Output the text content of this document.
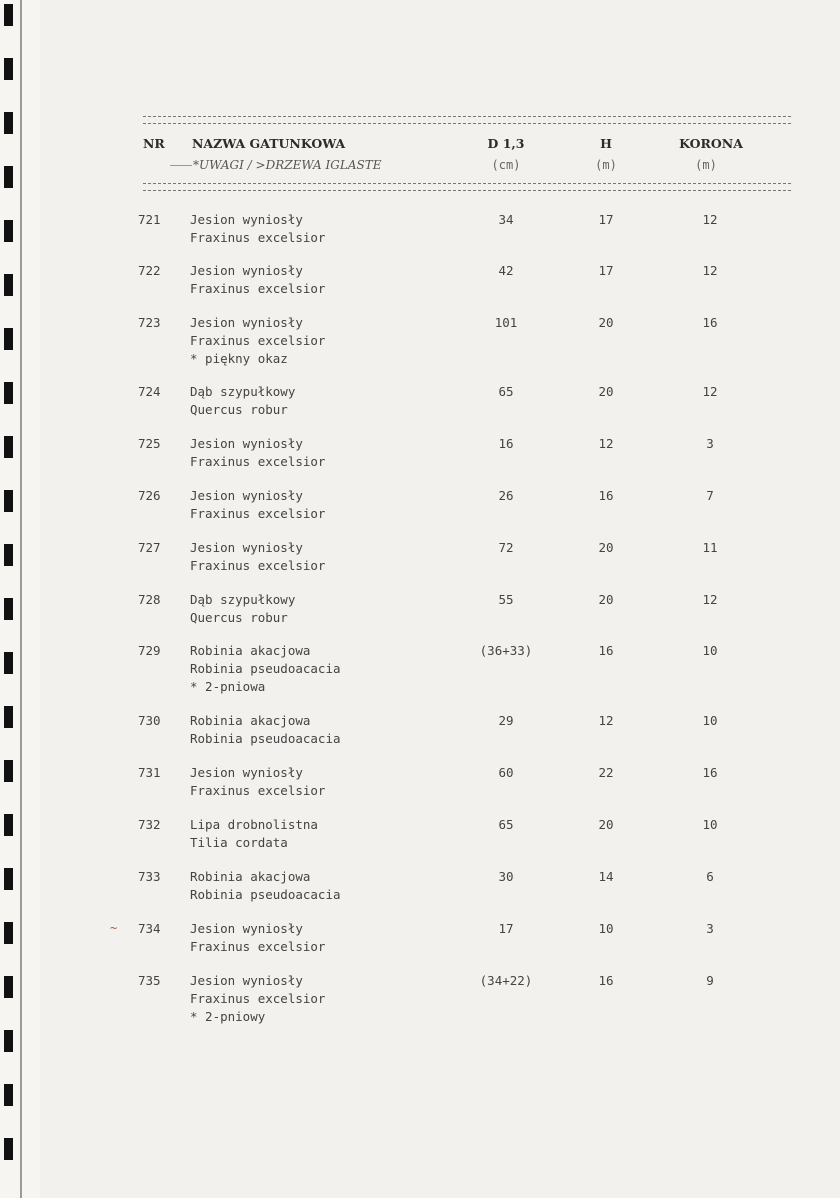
NR NAZWA GATUNKOWA	D 1,3	H	KORONA
*UWAGI / >DRZEWA IGLASTE	(cm)	(m)	(m)
721 Jesion wyniosły
Fraxinus excelsior
34	17	12
722 Jesion wyniosły
Fraxinus excelsior
42	17	12
723 Jesion wyniosły
Fraxinus excelsior
* piękny okaz
101	20	16
724 Dąb szypułkowy
Quercus robur
65	20	12
725 Jesion wyniosły
Fraxinus excelsior
16	12	3
726 Jesion wyniosły
Fraxinus excelsior
26	16	7
727 Jesion wyniosły
Fraxinus excelsior
72	20	11
728 Dąb szypułkowy
Quercus robur
55	20	12
729 Robinia akacjowa
Robinia pseudoacacia
* 2-pniowa
(36+33)	16	10
730 Robinia akacjowa
Robinia pseudoacacia
29	12	10
731 Jesion wyniosły
Fraxinus excelsior
60	22	16
732 Lipa drobnolistna
Tilia cordata
65	20	10
733 Robinia akacjowa
Robinia pseudoacacia
30	14	6
734 Jesion wyniosły
Fraxinus excelsior
17	10	3
735 Jesion wyniosły
Fraxinus excelsior
* 2-pniowy
(34+22)	16	9
~
